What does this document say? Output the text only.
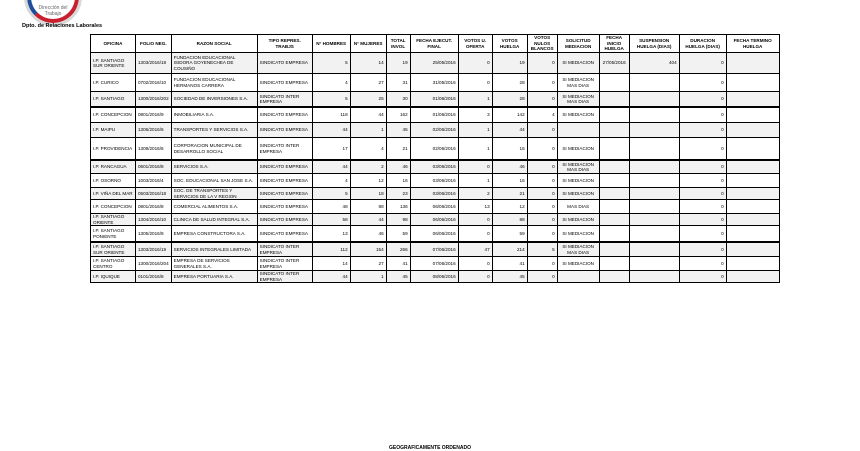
Dirección del
Trabajo
Dpto. de Relaciones Laborales
OFICINA	FOLIO NEG.	RAZON SOCIAL	TIPO REPRES. TRABJS	N° HOMBRES	N° MUJERES	TOTAL INVOL	FECHA EJECUT. FINAL	VOTOS U. OFERTA	VOTOS HUELGA	VOTOS NULOS BLANCOS	SOLICITUD MEDIACION	FECHA INICIO HUELGA	SUSPENSION HUELGA (DIAS)	DURACION HUELGA (DIAS)	FECHA TERMINO HUELGA
I.P. SANTIAGO SUR ORIENTE	1303/2016/18	FUNDACION EDUCACIONAL ISIDORA GOYENECHEA DE COUSIÑO	SINDICATO EMPRESA	5	14	19	25/05/2016	0	19	0	SI MEDIACION	27/05/2016	404	0	
I.P. CURICO	0702/2016/10	FUNDACION EDUCACIONAL HERMANOS CARRERA	SINDICATO EMPRESA	4	27	31	31/05/2016	0	28	0	SI MEDIACION MAS DIAS			0	
I.P. SANTIAGO	1300/2016/202	SOCIEDAD DE INVERSIONES S.A.	SINDICATO INTER EMPRESA	5	25	30	01/06/2016	1	28	0	SI MEDIACION MAS DIAS			0	
I.P. CONCEPCION	0801/2016/9	INMOBILIARIA S.A.	SINDICATO EMPRESA	118	44	162	01/06/2016	3	142	4	SI MEDIACION			0	
I.P. MAIPU	1306/2016/6	TRANSPORTES Y SERVICIOS S.A.	SINDICATO EMPRESA	44	1	45	02/06/2016	1	44	0				0	
I.P. PROVIDENCIA	1309/2016/6	CORPORACION MUNICIPAL DE DESARROLLO SOCIAL	SINDICATO INTER EMPRESA	17	4	21	02/06/2016	1	16	0	SI MEDIACION			0	
I.P. RANCAGUA	0601/2016/8	SERVICIOS S.A.	SINDICATO EMPRESA	44	2	46	03/06/2016	0	46	0	SI MEDIACION MAS DIAS			0	
I.P. OSORNO	1003/2016/4	SOC. EDUCACIONAL SAN JOSE S.A.	SINDICATO EMPRESA	4	12	16	03/06/2016	1	16	0	SI MEDIACION			0	
I.P. VIÑA DEL MAR	0503/2016/18	SOC. DE TRANSPORTES Y SERVICIOS DE LA V REGION	SINDICATO EMPRESA	5	18	23	03/06/2016	2	21	0	SI MEDIACION			0	
I.P. CONCEPCION	0801/2016/8	COMERCIAL ALIMENTOS S.A.	SINDICATO EMPRESA	48	88	136	06/06/2016	13	12	0	MAS DIAS			0	
I.P. SANTIAGO ORIENTE	1304/2016/10	CLINICA DE SALUD INTEGRAL S.A.	SINDICATO EMPRESA	58	44	98	06/06/2016	0	88	0	SI MEDIACION			0	
I.P. SANTIAGO PONIENTE	1305/2016/9	EMPRESA CONSTRUCTORA S.A.	SINDICATO EMPRESA	13	46	59	06/06/2016	0	59	0	SI MEDIACION			0	
I.P. SANTIAGO SUR ORIENTE	1303/2016/19	SERVICIOS INTEGRALES LIMITADA	SINDICATO INTER EMPRESA	112	154	266	07/06/2016	47	214	5	SI MEDIACION MAS DIAS			0	
I.P. SANTIAGO CENTRO	1300/2016/204	EMPRESA DE SERVICIOS GENERALES S.A.	SINDICATO INTER EMPRESA	14	27	41	07/06/2016	0	41	0	SI MEDIACION			0	
I.P. IQUIQUE	0101/2016/8	EMPRESA PORTUARIA S.A.	SINDICATO INTER EMPRESA	44	1	45	08/06/2016	0	45	0				0	
GEOGRAFICAMENTE ORDENADO
